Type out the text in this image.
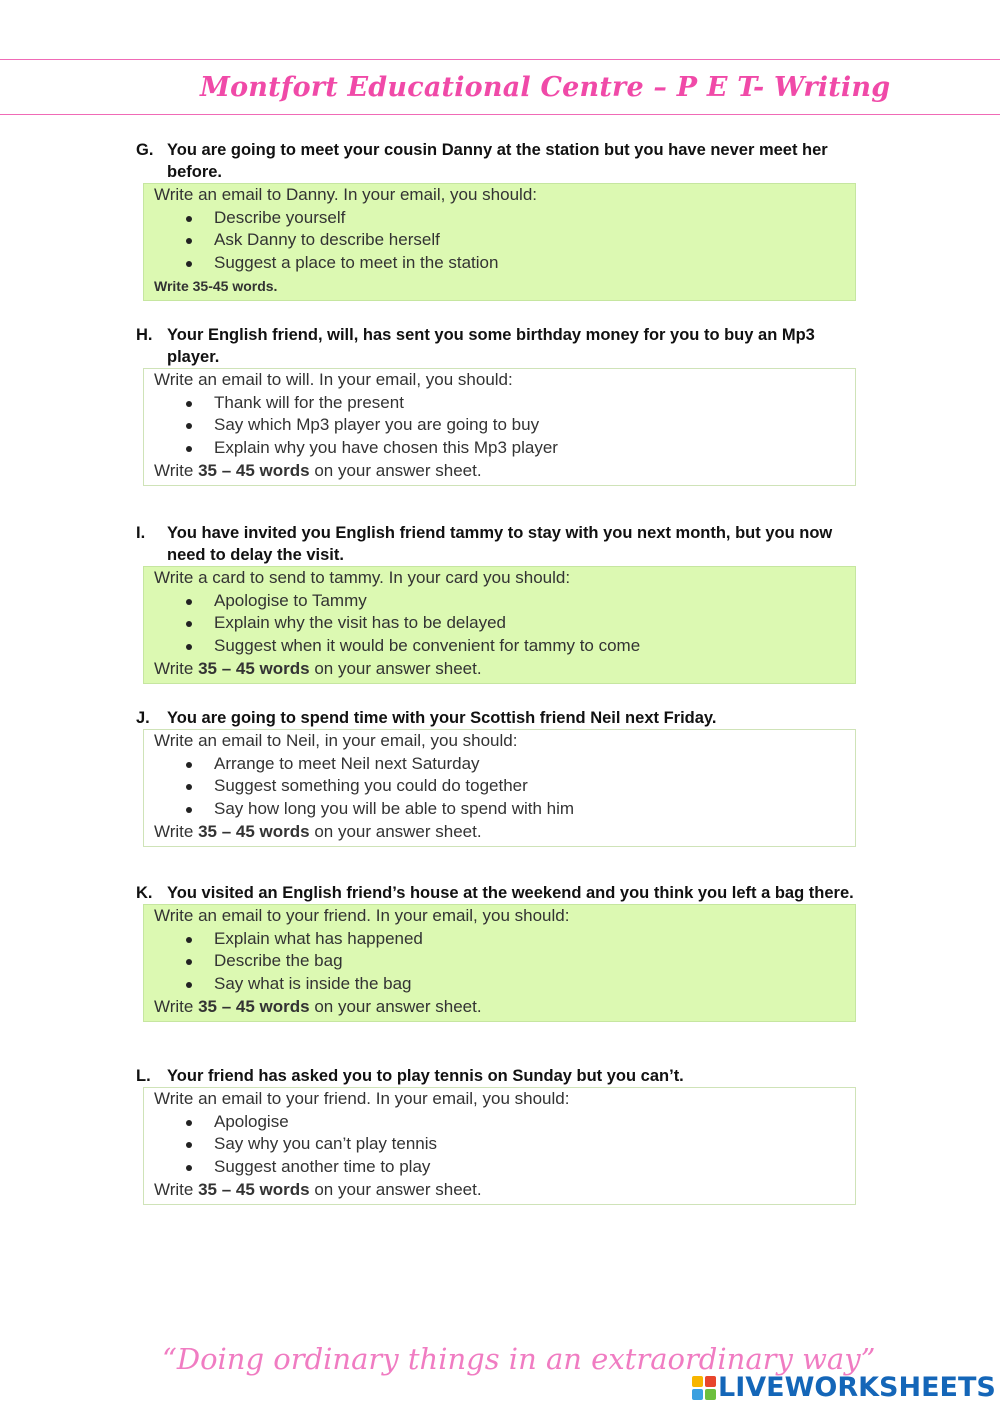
Montfort Educational Centre – P E T- Writing
G. You are going to meet your cousin Danny at the station but you have never meet her before.
Write an email to Danny. In your email, you should:
Describe yourself
Ask Danny to describe herself
Suggest a place to meet in the station
Write 35-45 words.
H. Your English friend, will, has sent you some birthday money for you to buy an Mp3 player.
Write an email to will. In your email, you should:
Thank will for the present
Say which Mp3 player you are going to buy
Explain why you have chosen this Mp3 player
Write 35 – 45 words on your answer sheet.
I.	You have invited you English friend tammy to stay with you next month, but you now need to delay the visit.
Write a card to send to tammy. In your card you should:
Apologise to Tammy
Explain why the visit has to be delayed
Suggest when it would be convenient for tammy to come
Write 35 – 45 words on your answer sheet.
J.	You are going to spend time with your Scottish friend Neil next Friday.
Write an email to Neil, in your email, you should:
Arrange to meet Neil next Saturday
Suggest something you could do together
Say how long you will be able to spend with him
Write 35 – 45 words on your answer sheet.
K. You visited an English friend’s house at the weekend and you think you left a bag there.
Write an email to your friend. In your email, you should:
Explain what has happened
Describe the bag
Say what is inside the bag
Write 35 – 45 words on your answer sheet.
L. Your friend has asked you to play tennis on Sunday but you can’t.
Write an email to your friend. In your email, you should:
Apologise
Say why you can’t play tennis
Suggest another time to play
Write 35 – 45 words on your answer sheet.
“Doing ordinary things in an extraordinary way”
LIVEWORKSHEETS
